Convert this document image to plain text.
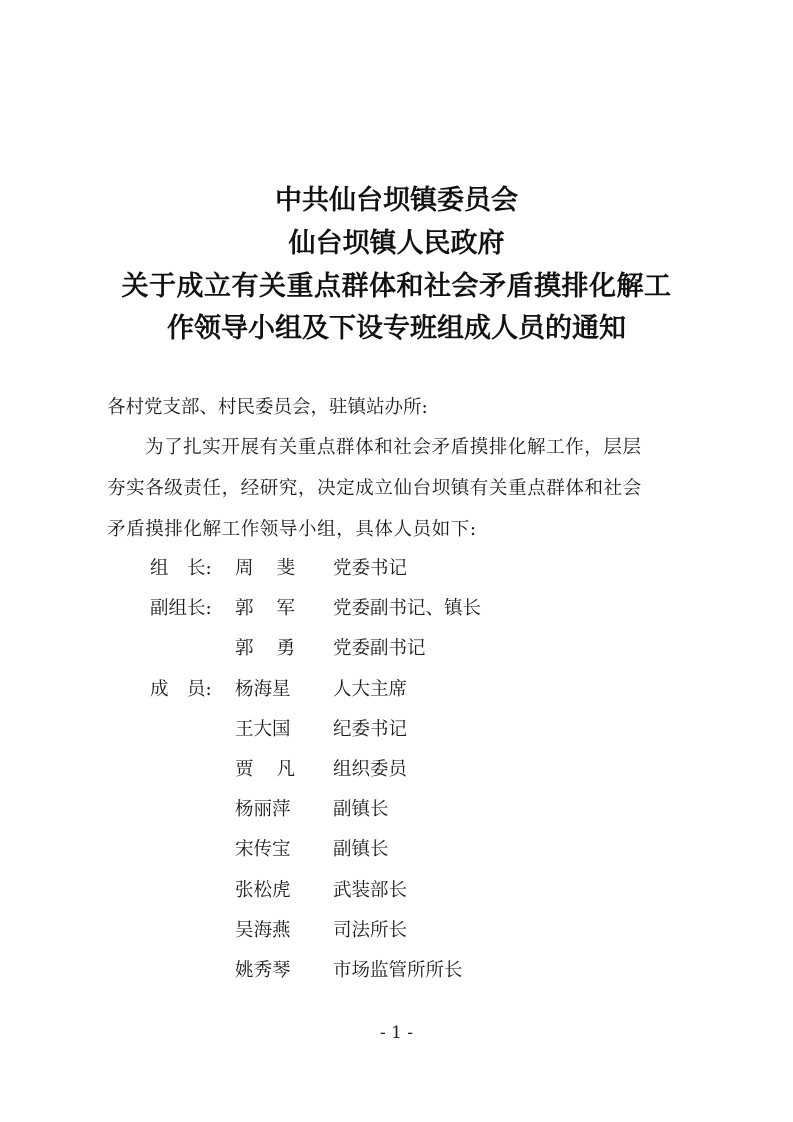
中共仙台坝镇委员会
仙台坝镇人民政府
关于成立有关重点群体和社会矛盾摸排化解工
作领导小组及下设专班组成人员的通知
各村党支部、村民委员会，驻镇站办所:
为了扎实开展有关重点群体和社会矛盾摸排化解工作，层层
夯实各级责任，经研究，决定成立仙台坝镇有关重点群体和社会
矛盾摸排化解工作领导小组，具体人员如下:
组　长: 周 斐 党委书记
副组长: 郭 军 党委副书记、镇长
郭 勇 党委副书记
成　员: 杨海星 人大主席
王大国 纪委书记
贾 凡 组织委员
杨丽萍 副镇长
宋传宝 副镇长
张松虎 武装部长
吴海燕 司法所长
姚秀琴 市场监管所所长
- 1 -
